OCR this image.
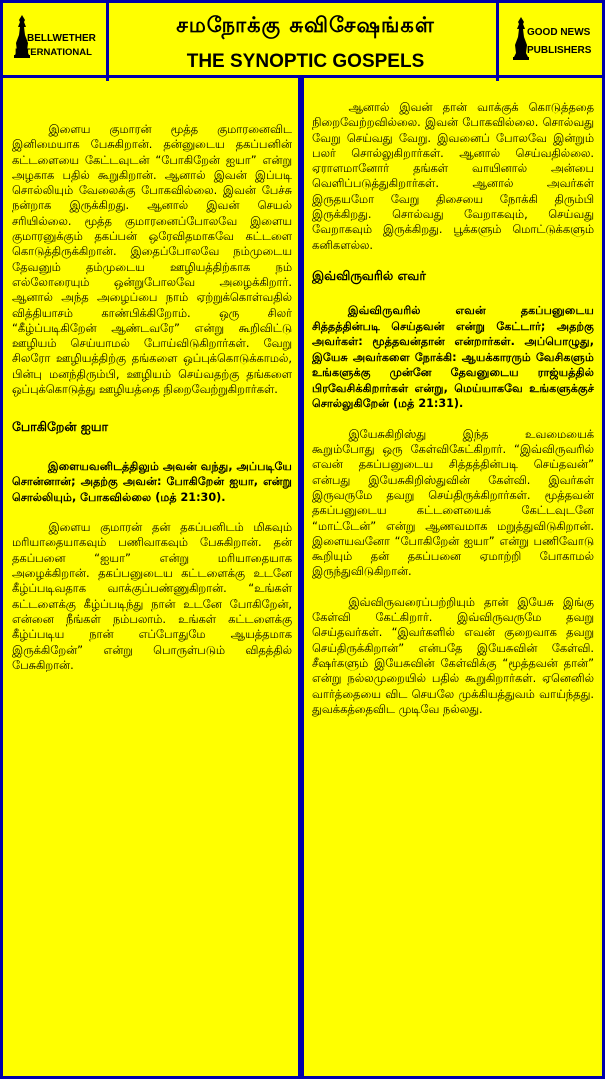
BELLWETHER
INTERNATIONAL
சமநோக்கு சுவிசேஷங்கள்
THE SYNOPTIC GOSPELS
GOOD NEWS
PUBLISHERS

இளைய குமாரன் மூத்த குமாரனைவிட இனிமையாக பேசுகிறான். தன்னுடைய தகப்பனின் கட்டளையை கேட்டவுடன் “போகிறேன் ஐயா” என்று அழகாக பதில் கூறுகிறான். ஆனால் இவன் இப்படி சொல்லியும் வேலைக்கு போகவில்லை. இவன் பேச்சு நன்றாக இருக்கிறது. ஆனால் இவன் செயல் சரியில்லை. மூத்த குமாரனைப்போலவே இளைய குமாரனுக்கும் தகப்பன் ஒரேவிதமாகவே கட்டளை கொடுத்திருக்கிறான். இதைப்போலவே நம்முடைய தேவனும் தம்முடைய ஊழியத்திற்காக நம் எல்லோரையும் ஒன்றுபோலவே அழைக்கிறார். ஆனால் அந்த அழைப்பை நாம் ஏற்றுக்கொள்வதில் வித்தியாசம் காண்பிக்கிறோம். ஒரு சிலர் “கீழ்ப்படிகிறேன் ஆண்டவரே” என்று கூறிவிட்டு ஊழியம் செய்யாமல் போய்விடுகிறார்கள். வேறு சிலரோ ஊழியத்திற்கு தங்களை ஒப்புக்கொடுக்காமல், பின்பு மனந்திரும்பி, ஊழியம் செய்வதற்கு தங்களை ஒப்புக்கொடுத்து ஊழியத்தை நிறைவேற்றுகிறார்கள்.

போகிறேன் ஐயா

இளையவனிடத்திலும் அவன் வந்து, அப்படியே சொன்னான்; அதற்கு அவன்: போகிறேன் ஐயா, என்று சொல்லியும், போகவில்லை (மத் 21:30).

இளைய குமாரன் தன் தகப்பனிடம் மிகவும் மரியாதையாகவும் பணிவாகவும் பேசுகிறான். தன் தகப்பனை “ஐயா” என்று மரியாதையாக அழைக்கிறான். தகப்பனுடைய கட்டளைக்கு உடனே கீழ்ப்படிவதாக வாக்குப்பண்ணுகிறான். “உங்கள் கட்டளைக்கு கீழ்ப்படிந்து நான் உடனே போகிறேன், என்னை நீங்கள் நம்பலாம். உங்கள் கட்டளைக்கு கீழ்ப்படிய நான் எப்போதுமே ஆயத்தமாக இருக்கிறேன்” என்று பொருள்படும் விதத்தில் பேசுகிறான்.

ஆனால் இவன் தான் வாக்குக் கொடுத்ததை நிறைவேற்றவில்லை. இவன் போகவில்லை. சொல்வது வேறு செய்வது வேறு. இவனைப் போலவே இன்றும் பலர் சொல்லுகிறார்கள். ஆனால் செய்வதில்லை. ஏராளமானோர் தங்கள் வாயினால் அன்பை வெளிப்படுத்துகிறார்கள். ஆனால் அவர்கள் இருதயமோ வேறு திசையை நோக்கி திரும்பி இருக்கிறது. சொல்வது வேறாகவும், செய்வது வேறாகவும் இருக்கிறது. பூக்களும் மொட்டுக்களும் கனிகளல்ல.

இவ்விருவரில் எவர்

இவ்விருவரில் எவன் தகப்பனுடைய சித்தத்தின்படி செய்தவன் என்று கேட்டார்; அதற்கு அவர்கள்: மூத்தவன்தான் என்றார்கள். அப்பொழுது, இயேசு அவர்களை நோக்கி: ஆயக்காரரும் வேசிகளும் உங்களுக்கு முன்னே தேவனுடைய ராஜ்யத்தில் பிரவேசிக்கிறார்கள் என்று, மெய்யாகவே உங்களுக்குச் சொல்லுகிறேன் (மத் 21:31).

இயேசுகிறிஸ்து இந்த உவமையைக் கூறும்போது ஒரு கேள்விகேட்கிறார். “இவ்விருவரில் எவன் தகப்பனுடைய சித்தத்தின்படி செய்தவன்” என்பது இயேசுகிறிஸ்துவின் கேள்வி. இவர்கள் இருவருமே தவறு செய்திருக்கிறார்கள். மூத்தவன் தகப்பனுடைய கட்டளையைக் கேட்டவுடனே “மாட்டேன்” என்று ஆணவமாக மறுத்துவிடுகிறான். இளையவனோ “போகிறேன் ஐயா” என்று பணிவோடு கூறியும் தன் தகப்பனை ஏமாற்றி போகாமல் இருந்துவிடுகிறான்.

இவ்விருவரைப்பற்றியும் தான் இயேசு இங்கு கேள்வி கேட்கிறார். இவ்விருவருமே தவறு செய்தவர்கள். “இவர்களில் எவன் குறைவாக தவறு செய்திருக்கிறான்” என்பதே இயேசுவின் கேள்வி. சீஷர்களும் இயேசுவின் கேள்விக்கு “மூத்தவன் தான்” என்று நல்லமுறையில் பதில் கூறுகிறார்கள். ஏனெனில் வார்த்தையை விட செயலே முக்கியத்துவம் வாய்ந்தது. துவக்கத்தைவிட முடிவே நல்லது.
